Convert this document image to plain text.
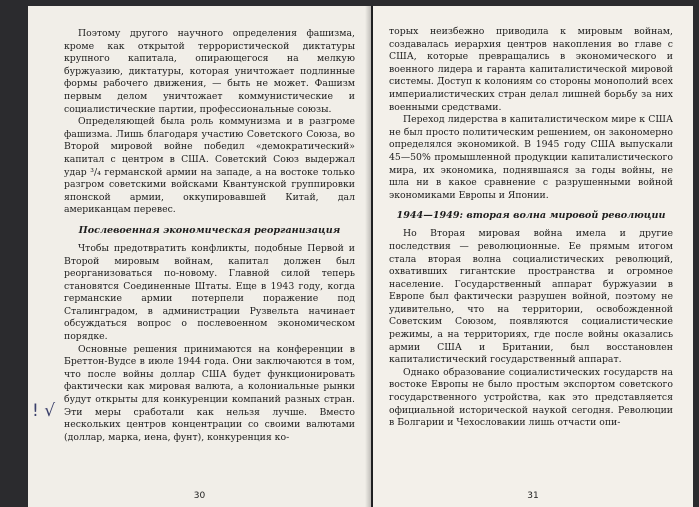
Поэтому другого научного определения фашизма, кроме как открытой террористической диктатуры крупного капитала, опирающегося на мелкую буржуазию, диктатуры, которая уничтожает подлинные формы рабочего движения, — быть не может. Фашизм первым делом уничтожает коммунистические и социалистические партии, профессиональные союзы.

Определяющей была роль коммунизма и в разгроме фашизма. Лишь благодаря участию Советского Союза, во Второй мировой войне победил «демократический» капитал с центром в США. Советский Союз выдержал удар ³/₄ германской армии на западе, а на востоке только разгром советскими войсками Квантунской группировки японской армии, оккупировавшей Китай, дал американцам перевес.

Послевоенная экономическая реорганизация

Чтобы предотвратить конфликты, подобные Первой и Второй мировым войнам, капитал должен был реорганизоваться по-новому. Главной силой теперь становятся Соединенные Штаты. Еще в 1943 году, когда германские армии потерпели поражение под Сталинградом, в администрации Рузвельта начинает обсуждаться вопрос о послевоенном экономическом порядке.

Основные решения принимаются на конференции в Бреттон-Вудсе в июле 1944 года. Они заключаются в том, что после войны доллар США будет функционировать фактически как мировая валюта, а колониальные рынки будут открыты для конкуренции компаний разных стран. Эти меры сработали как нельзя лучше. Вместо нескольких центров концентрации со своими валютами (доллар, марка, иена, фунт), конкуренция ко-

! √
30

торых неизбежно приводила к мировым войнам, создавалась иерархия центров накопления во главе с США, которые превращались в экономического и военного лидера и гаранта капиталистической мировой системы. Доступ к колониям со стороны монополий всех империалистических стран делал лишней борьбу за них военными средствами.

Переход лидерства в капиталистическом мире к США не был просто политическим решением, он закономерно определялся экономикой. В 1945 году США выпускали 45—50% промышленной продукции капиталистического мира, их экономика, поднявшаяся за годы войны, не шла ни в какое сравнение с разрушенными войной экономиками Европы и Японии.

1944—1949: вторая волна мировой революции

Но Вторая мировая война имела и другие последствия — революционные. Ее прямым итогом стала вторая волна социалистических революций, охвативших гигантские пространства и огромное население. Государственный аппарат буржуазии в Европе был фактически разрушен войной, поэтому не удивительно, что на территории, освобожденной Советским Союзом, появляются социалистические режимы, а на территориях, где после войны оказались армии США и Британии, был восстановлен капиталистический государственный аппарат.

Однако образование социалистических государств на востоке Европы не было простым экспортом советского государственного устройства, как это представляется официальной исторической наукой сегодня. Революции в Болгарии и Чехословакии лишь отчасти опи-

31
